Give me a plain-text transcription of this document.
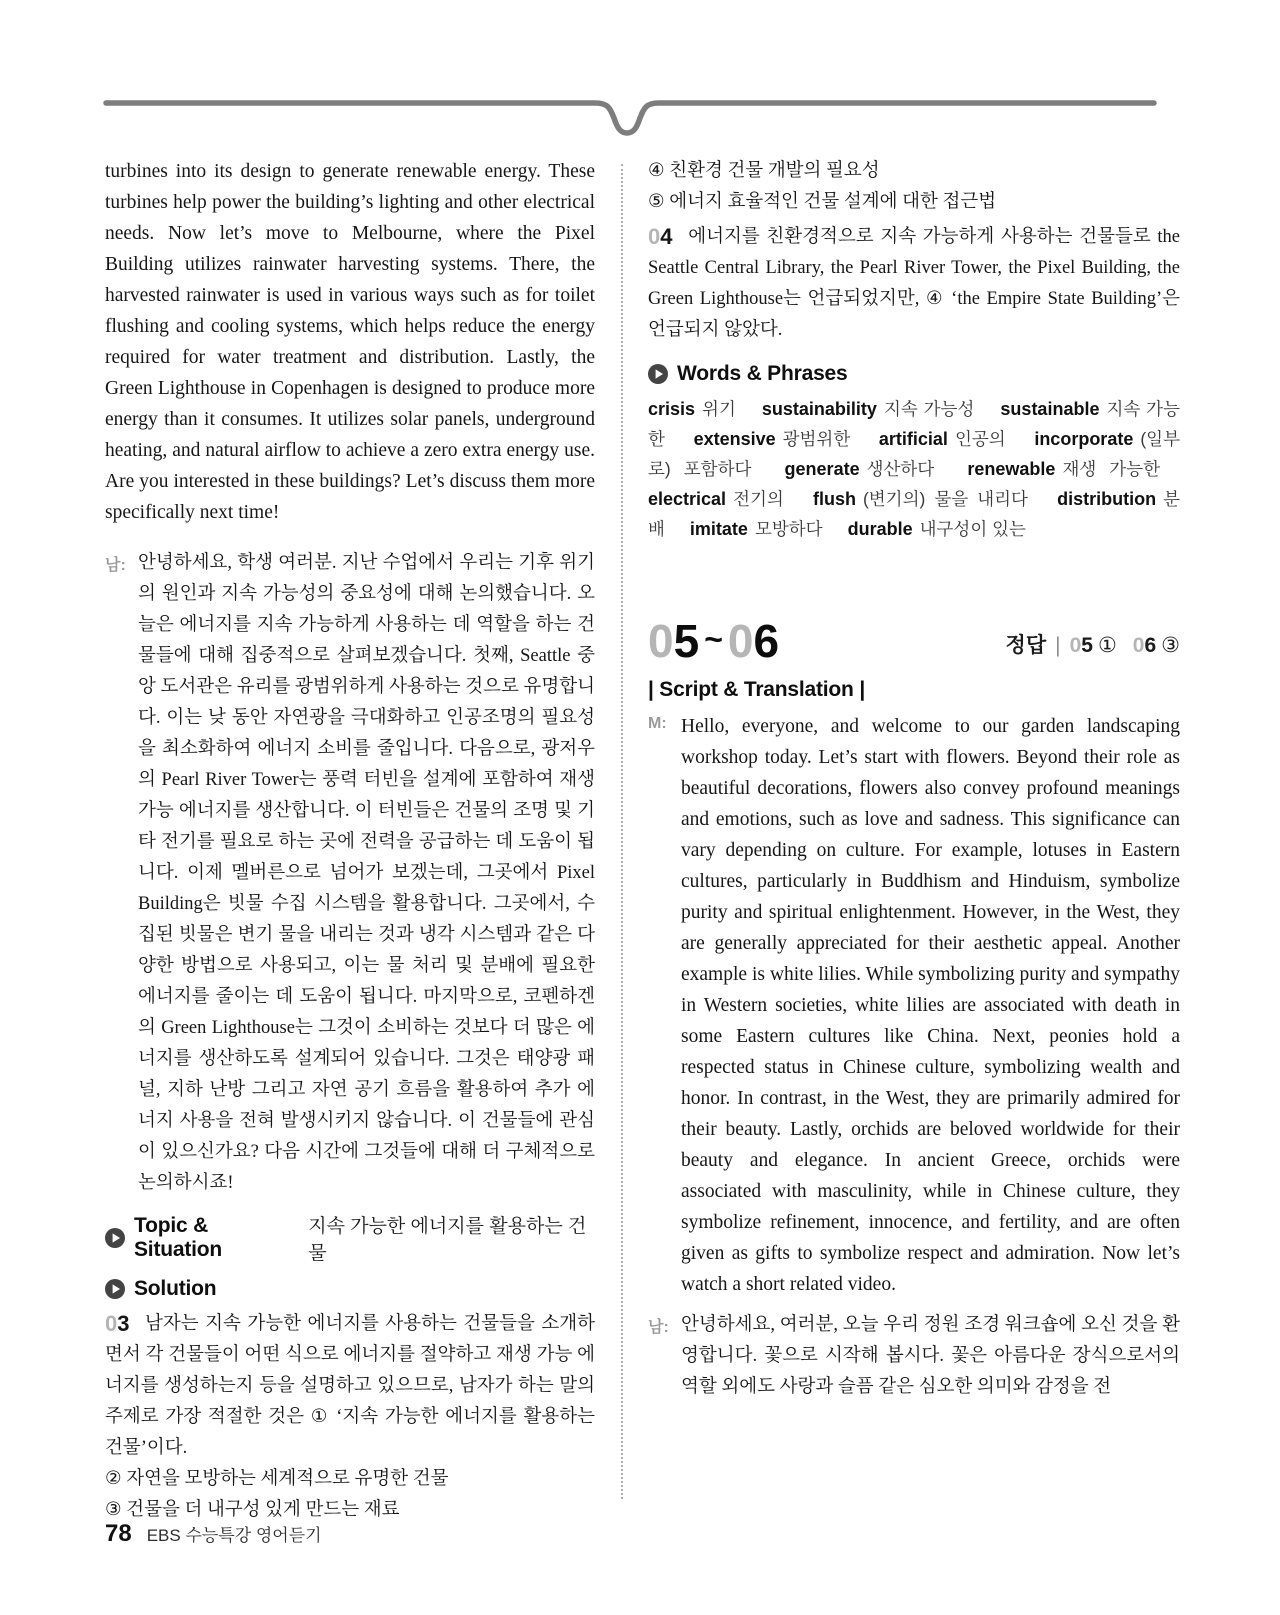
turbines into its design to generate renewable energy. These turbines help power the building’s lighting and other electrical needs. Now let’s move to Melbourne, where the Pixel Building utilizes rainwater harvesting systems. There, the harvested rainwater is used in various ways such as for toilet flushing and cooling systems, which helps reduce the energy required for water treatment and distribution. Lastly, the Green Lighthouse in Copenhagen is designed to produce more energy than it consumes. It utilizes solar panels, underground heating, and natural airflow to achieve a zero extra energy use. Are you interested in these buildings? Let’s discuss them more specifically next time!

남: 안녕하세요, 학생 여러분. 지난 수업에서 우리는 기후 위기의 원인과 지속 가능성의 중요성에 대해 논의했습니다. 오늘은 에너지를 지속 가능하게 사용하는 데 역할을 하는 건물들에 대해 집중적으로 살펴보겠습니다. 첫째, Seattle 중앙 도서관은 유리를 광범위하게 사용하는 것으로 유명합니다. 이는 낮 동안 자연광을 극대화하고 인공조명의 필요성을 최소화하여 에너지 소비를 줄입니다. 다음으로, 광저우의 Pearl River Tower는 풍력 터빈을 설계에 포함하여 재생 가능 에너지를 생산합니다. 이 터빈들은 건물의 조명 및 기타 전기를 필요로 하는 곳에 전력을 공급하는 데 도움이 됩니다. 이제 멜버른으로 넘어가 보겠는데, 그곳에서 Pixel Building은 빗물 수집 시스템을 활용합니다. 그곳에서, 수집된 빗물은 변기 물을 내리는 것과 냉각 시스템과 같은 다양한 방법으로 사용되고, 이는 물 처리 및 분배에 필요한 에너지를 줄이는 데 도움이 됩니다. 마지막으로, 코펜하겐의 Green Lighthouse는 그것이 소비하는 것보다 더 많은 에너지를 생산하도록 설계되어 있습니다. 그것은 태양광 패널, 지하 난방 그리고 자연 공기 흐름을 활용하여 추가 에너지 사용을 전혀 발생시키지 않습니다. 이 건물들에 관심이 있으신가요? 다음 시간에 그것들에 대해 더 구체적으로 논의하시죠!
Topic & Situation
지속 가능한 에너지를 활용하는 건물
Solution

03 남자는 지속 가능한 에너지를 사용하는 건물들을 소개하면서 각 건물들이 어떤 식으로 에너지를 절약하고 재생 가능 에너지를 생성하는지 등을 설명하고 있으므로, 남자가 하는 말의 주제로 가장 적절한 것은 ① ‘지속 가능한 에너지를 활용하는 건물’이다.

② 자연을 모방하는 세계적으로 유명한 건물

③ 건물을 더 내구성 있게 만드는 재료

④ 친환경 건물 개발의 필요성

⑤ 에너지 효율적인 건물 설계에 대한 접근법

04 에너지를 친환경적으로 지속 가능하게 사용하는 건물들로 the Seattle Central Library, the Pearl River Tower, the Pixel Building, the Green Lighthouse는 언급되었지만, ④ ‘the Empire State Building’은 언급되지 않았다.

Words & Phrases

crisis 위기 sustainability 지속 가능성 sustainable 지속 가능한 extensive 광범위한 artificial 인공의 incorporate (일부로) 포함하다 generate 생산하다 renewable 재생 가능한 electrical 전기의 flush (변기의) 물을 내리다 distribution 분배 imitate 모방하다 durable 내구성이 있는

05 ~ 06	정답 | 05 ① 06 ③
| Script & Translation |
M: Hello, everyone, and welcome to our garden landscaping workshop today. Let’s start with flowers. Beyond their role as beautiful decorations, flowers also convey profound meanings and emotions, such as love and sadness. This significance can vary depending on culture. For example, lotuses in Eastern cultures, particularly in Buddhism and Hinduism, symbolize purity and spiritual enlightenment. However, in the West, they are generally appreciated for their aesthetic appeal. Another example is white lilies. While symbolizing purity and sympathy in Western societies, white lilies are associated with death in some Eastern cultures like China. Next, peonies hold a respected status in Chinese culture, symbolizing wealth and honor. In contrast, in the West, they are primarily admired for their beauty. Lastly, orchids are beloved worldwide for their beauty and elegance. In ancient Greece, orchids were associated with masculinity, while in Chinese culture, they symbolize refinement, innocence, and fertility, and are often given as gifts to symbolize respect and admiration. Now let’s watch a short related video.
남: 안녕하세요, 여러분, 오늘 우리 정원 조경 워크숍에 오신 것을 환영합니다. 꽃으로 시작해 봅시다. 꽃은 아름다운 장식으로서의 역할 외에도 사랑과 슬픔 같은 심오한 의미와 감정을 전
78 EBS 수능특강 영어듣기
